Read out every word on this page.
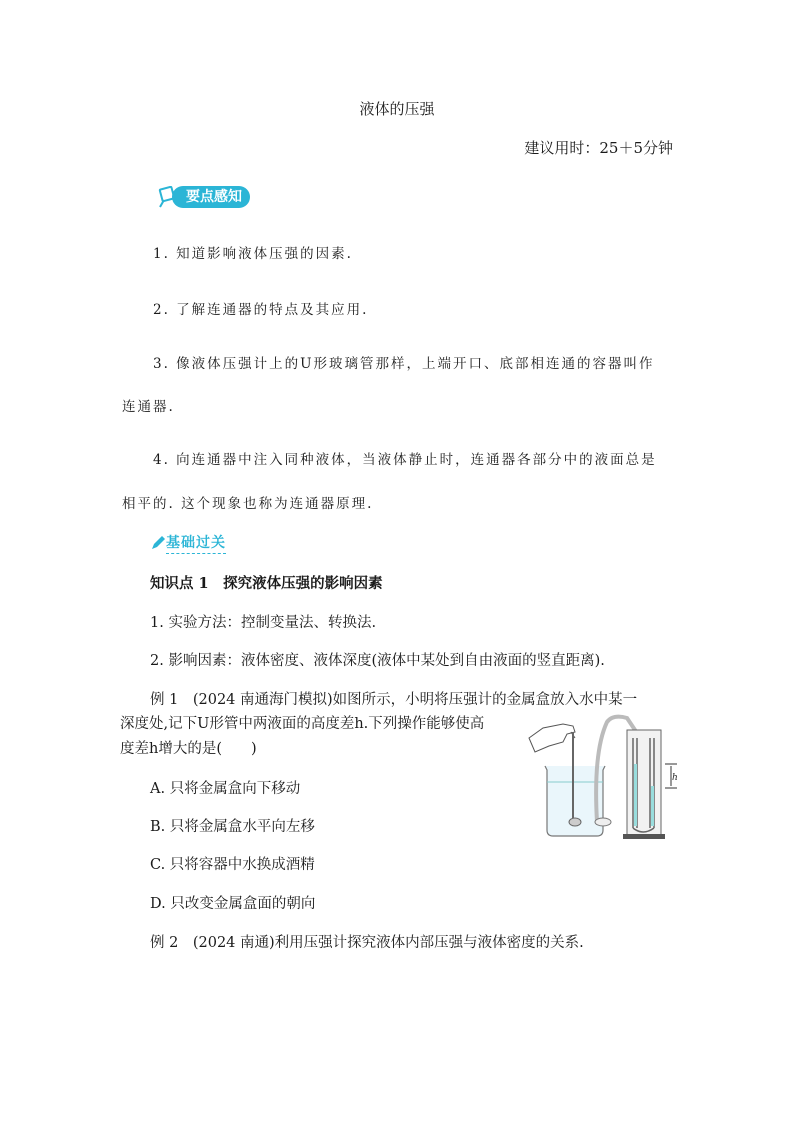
液体的压强
建议用时：25＋5分钟
要点感知
1. 知道影响液体压强的因素.
2. 了解连通器的特点及其应用.
3. 像液体压强计上的U形玻璃管那样，上端开口、底部相连通的容器叫作
连通器.
4. 向连通器中注入同种液体，当液体静止时，连通器各部分中的液面总是
相平的. 这个现象也称为连通器原理.
基础过关
知识点 1　 探究液体压强的影响因素
1. 实验方法：控制变量法、转换法.
2. 影响因素：液体密度、液体深度(液体中某处到自由液面的竖直距离).
例 1　(2024 南通海门模拟)如图所示，小明将压强计的金属盒放入水中某一
深度处,记下U形管中两液面的高度差h.下列操作能够使高
度差h增大的是(　　)
A. 只将金属盒向下移动
B. 只将金属盒水平向左移
C. 只将容器中水换成酒精
D. 只改变金属盒面的朝向
例 2　(2024 南通)利用压强计探究液体内部压强与液体密度的关系.
h
